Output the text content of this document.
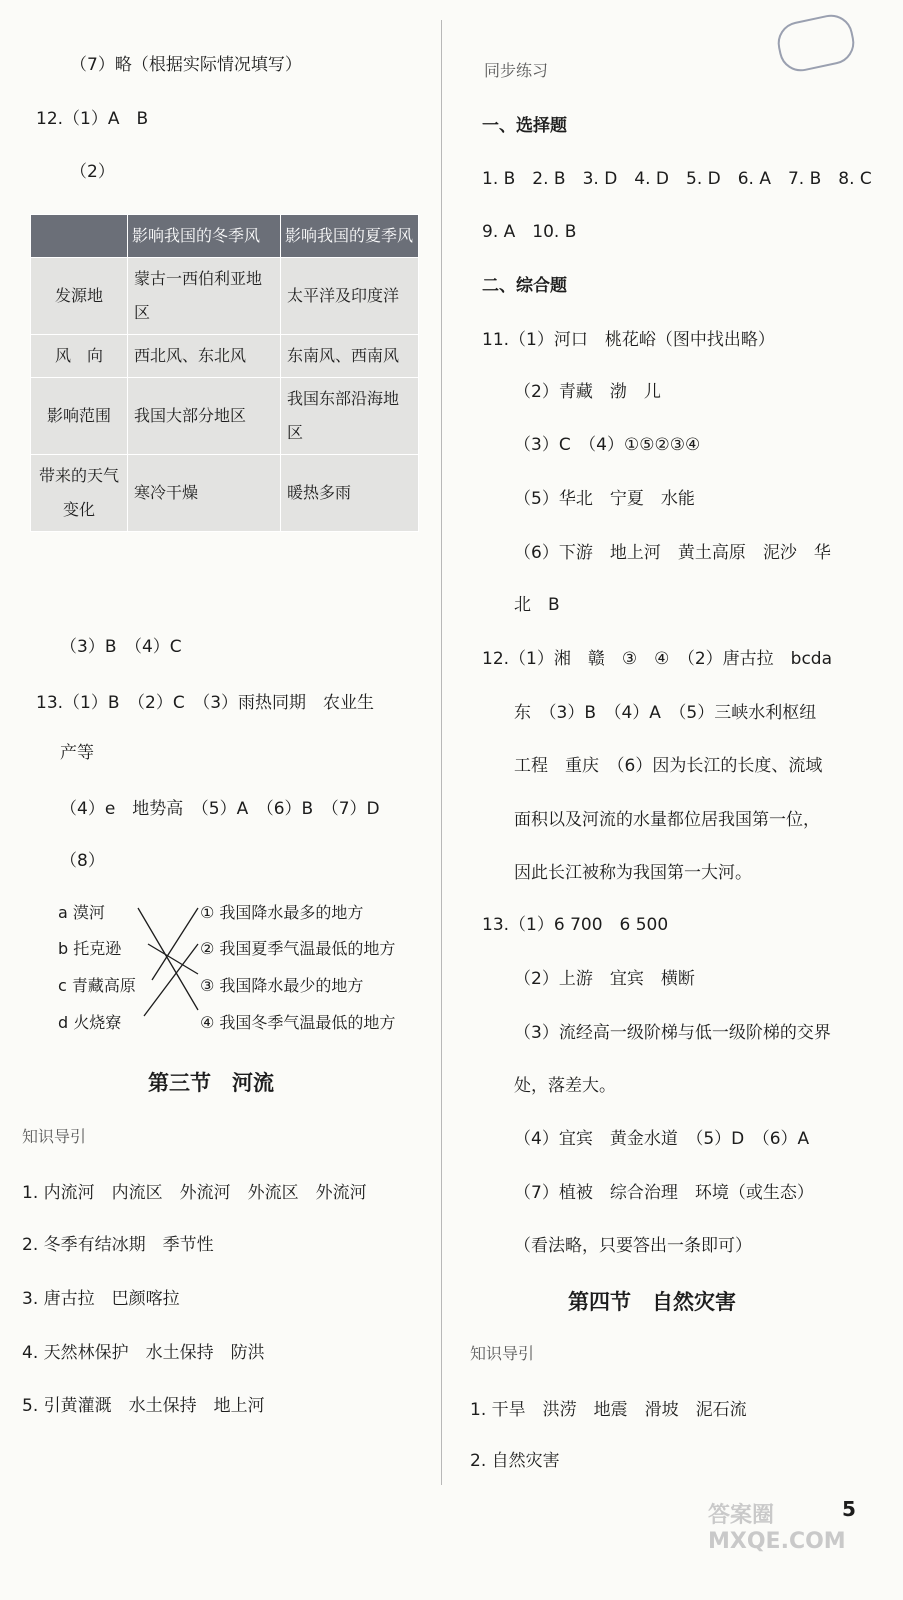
（7）略（根据实际情况填写）
12.（1）A　B
（2）
	影响我国的冬季风	影响我国的夏季风
发源地	蒙古一西伯利亚地区	太平洋及印度洋
风　向	西北风、东北风	东南风、西南风
影响范围	我国大部分地区	我国东部沿海地区
带来的天气变化	寒冷干燥	暖热多雨
（3）B　（4）C
13.（1）B　（2）C　（3）雨热同期　农业生
产等
（4）e　地势高　（5）A　（6）B　（7）D
（8）
a 漠河
b 托克逊
c 青藏高原
d 火烧寮
① 我国降水最多的地方
② 我国夏季气温最低的地方
③ 我国降水最少的地方
④ 我国冬季气温最低的地方
第三节　河流
知识导引
1. 内流河　内流区　外流河　外流区　外流河
2. 冬季有结冰期　季节性
3. 唐古拉　巴颜喀拉
4. 天然林保护　水土保持　防洪
5. 引黄灌溉　水土保持　地上河
同步练习
一、选择题
1. B　2. B　3. D　4. D　5. D　6. A　7. B　8. C
9. A　10. B
二、综合题
11.（1）河口　桃花峪（图中找出略）
（2）青藏　渤　儿
（3）C　（4）①⑤②③④
（5）华北　宁夏　水能
（6）下游　地上河　黄土高原　泥沙　华
北　B
12.（1）湘　赣　③　④　（2）唐古拉　bcda
东　（3）B　（4）A　（5）三峡水利枢纽
工程　重庆　（6）因为长江的长度、流域
面积以及河流的水量都位居我国第一位，
因此长江被称为我国第一大河。
13.（1）6 700　6 500
（2）上游　宜宾　横断
（3）流经高一级阶梯与低一级阶梯的交界
处，落差大。
（4）宜宾　黄金水道　（5）D　（6）A
（7）植被　综合治理　环境（或生态）
（看法略，只要答出一条即可）
第四节　自然灾害
知识导引
1. 干旱　洪涝　地震　滑坡　泥石流
2. 自然灾害
5
答案圈 MXQE.COM
